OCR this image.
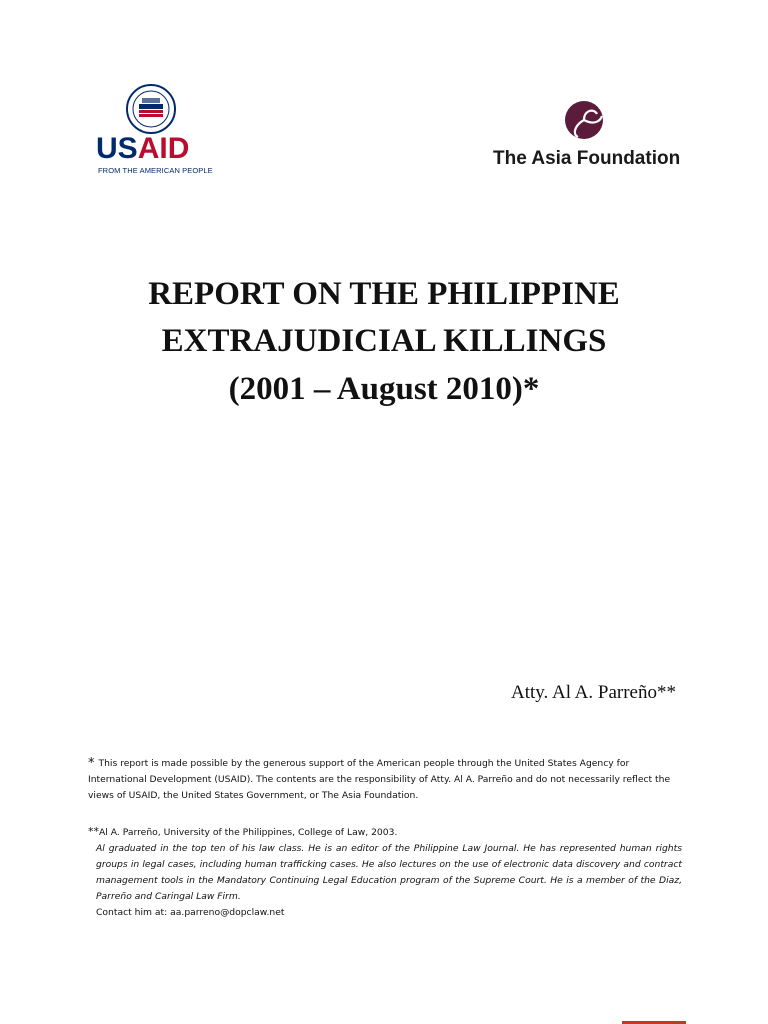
USAID
FROM THE AMERICAN PEOPLE
The Asia Foundation
REPORT ON THE PHILIPPINE
EXTRAJUDICIAL KILLINGS
(2001 – August 2010)*
Atty. Al A. Parreño**
* This report is made possible by the generous support of the American people through the United States Agency for International Development (USAID). The contents are the responsibility of Atty. Al A. Parreño and do not necessarily reflect the views of USAID, the United States Government, or The Asia Foundation.
**Al A. Parreño, University of the Philippines, College of Law, 2003.
Al graduated in the top ten of his law class. He is an editor of the Philippine Law Journal. He has represented human rights groups in legal cases, including human trafficking cases. He also lectures on the use of electronic data discovery and contract management tools in the Mandatory Continuing Legal Education program of the Supreme Court. He is a member of the Diaz, Parreño and Caringal Law Firm.
Contact him at: aa.parreno@dopclaw.net
